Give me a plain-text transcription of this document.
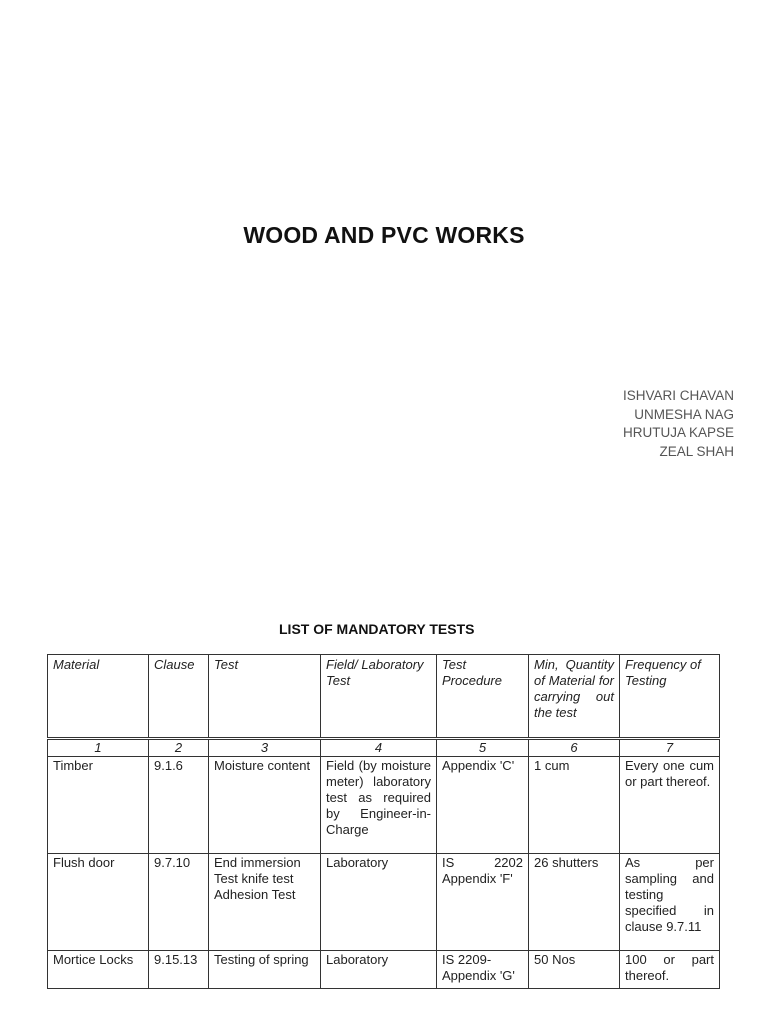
WOOD AND PVC WORKS
ISHVARI CHAVAN
UNMESHA NAG
HRUTUJA KAPSE
ZEAL SHAH
LIST OF MANDATORY TESTS
Material	Clause	Test	Field/ Laboratory Test	Test Procedure	Min, Quantity of Material for carrying out the test	Frequency of Testing
1	2	3	4	5	6	7
Timber	9.1.6	Moisture content	Field (by moisture meter) laboratory test as required by Engineer-in-Charge	Appendix 'C'	1 cum	Every one cum or part thereof.
Flush door	9.7.10	End immersion Test knife test Adhesion Test	Laboratory	IS 2202 Appendix 'F'	26 shutters	As per sampling and testing specified in clause 9.7.11
Mortice Locks	9.15.13	Testing of spring	Laboratory	IS 2209- Appendix 'G'	50 Nos	100 or part thereof.
